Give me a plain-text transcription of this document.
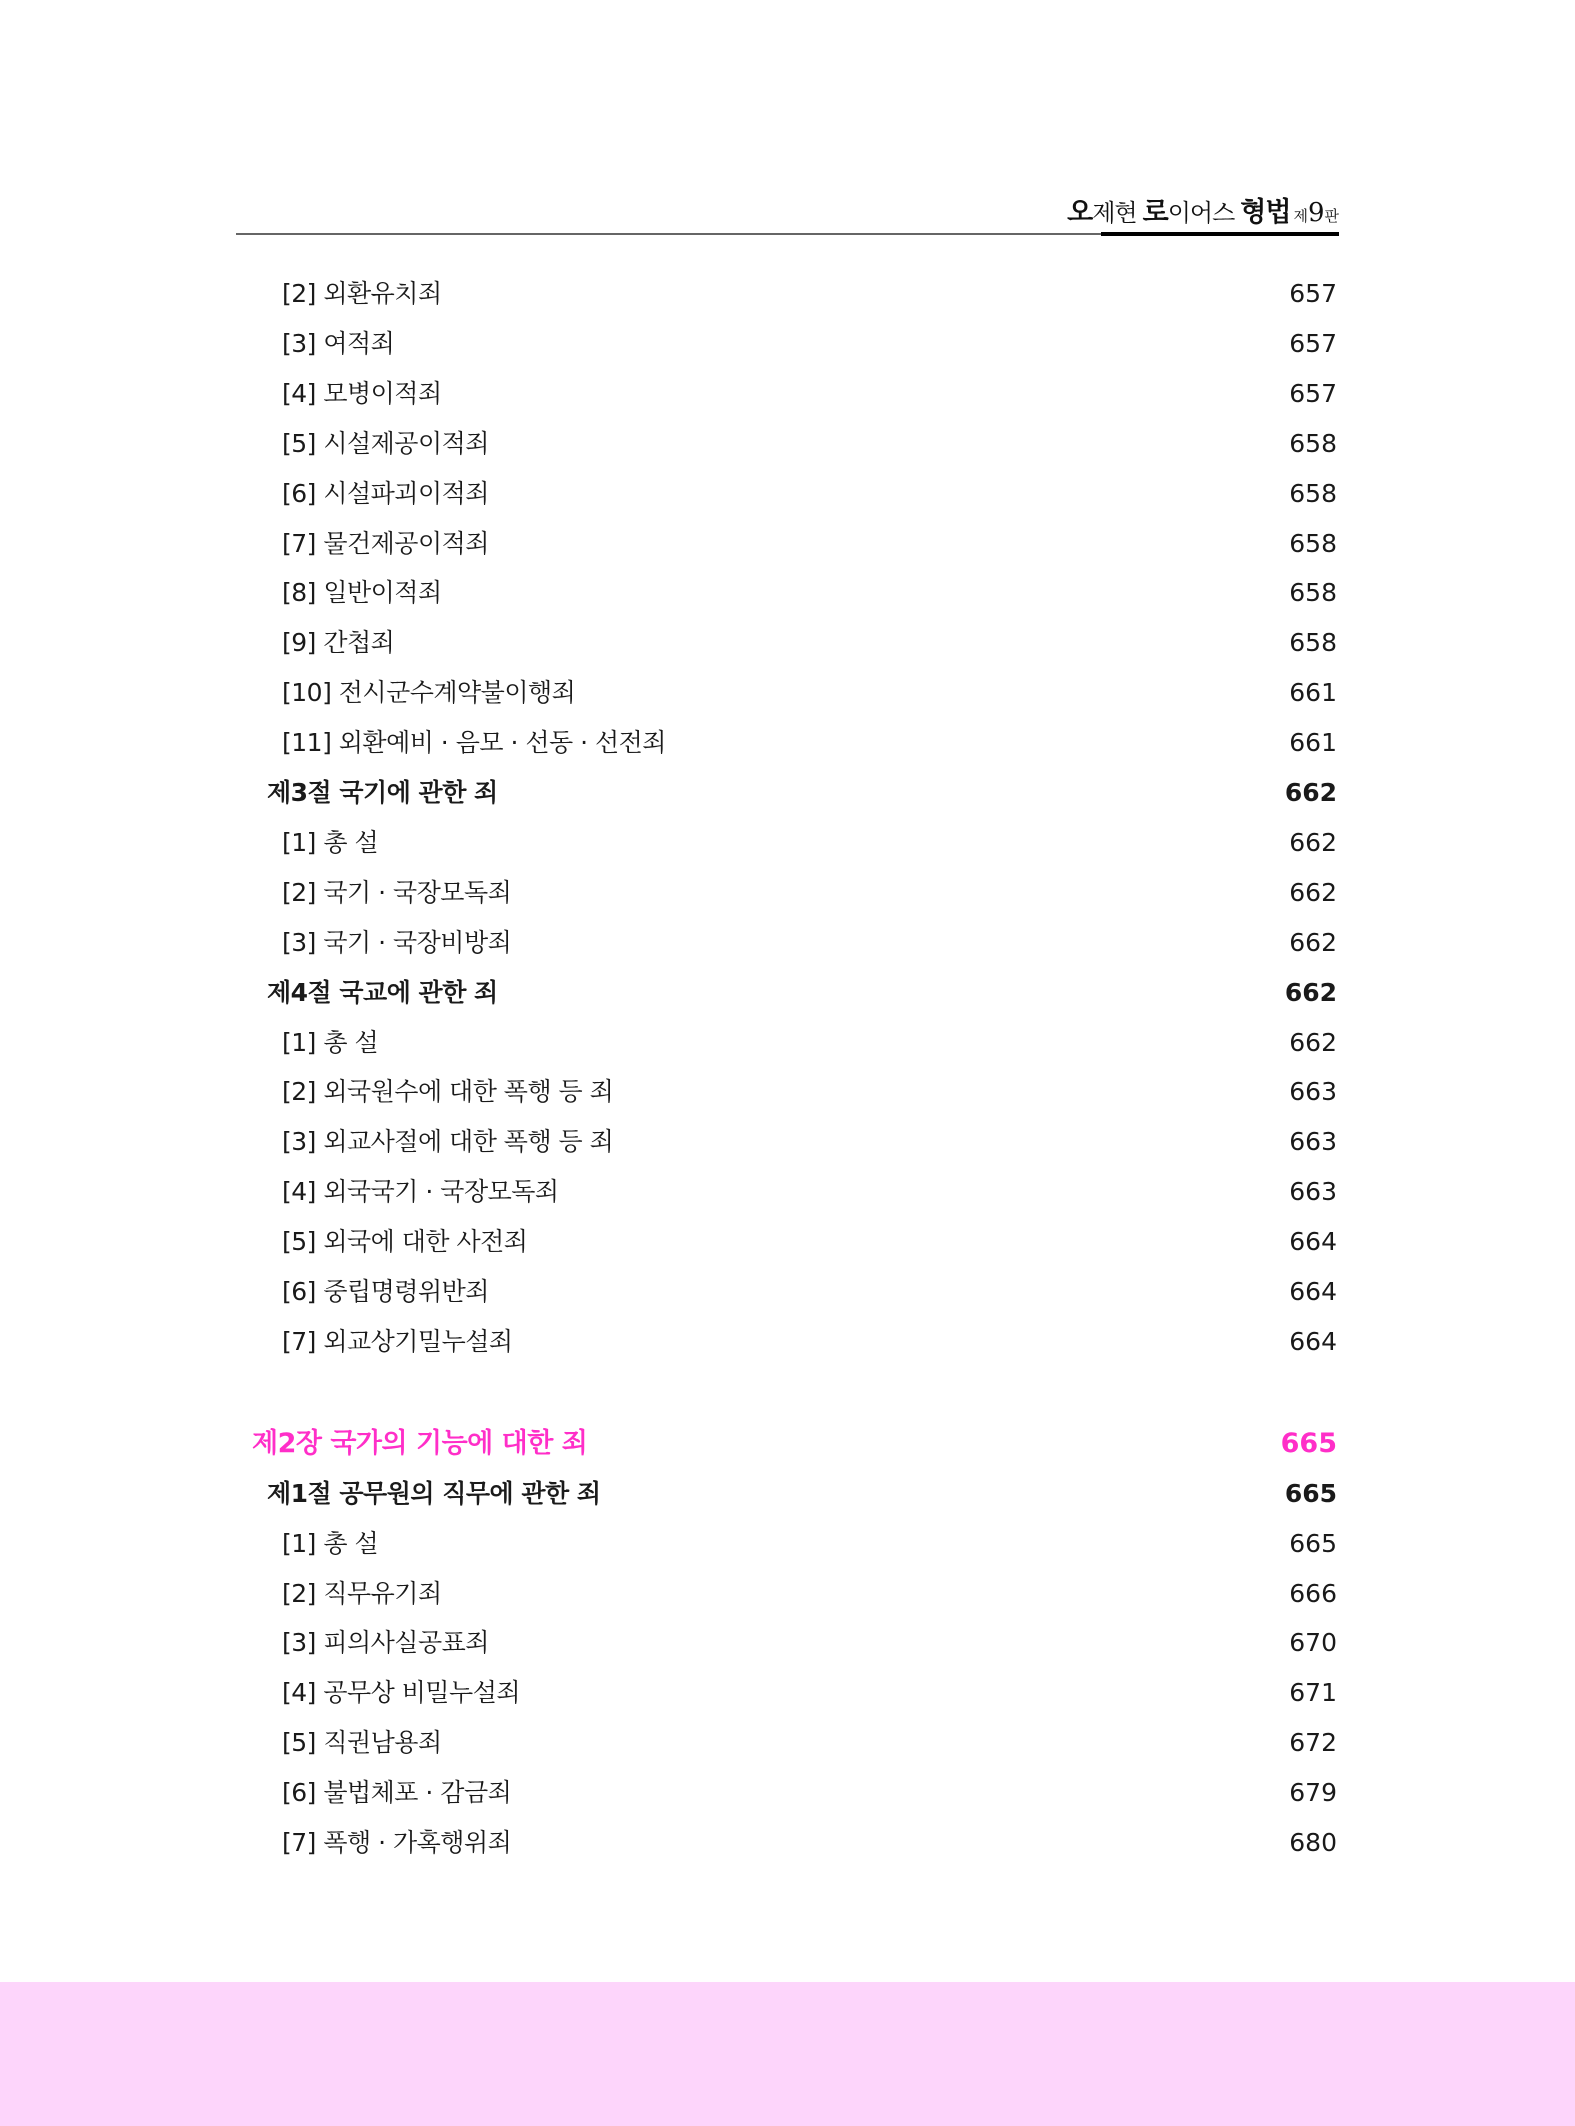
오 제현 로 이어스 형법 제 9 판
[2] 외환유치죄	657
[3] 여적죄	657
[4] 모병이적죄	657
[5] 시설제공이적죄	658
[6] 시설파괴이적죄	658
[7] 물건제공이적죄	658
[8] 일반이적죄	658
[9] 간첩죄	658
[10] 전시군수계약불이행죄	661
[11] 외환예비 · 음모 · 선동 · 선전죄	661
제3절 국기에 관한 죄	662
[1] 총 설	662
[2] 국기 · 국장모독죄	662
[3] 국기 · 국장비방죄	662
제4절 국교에 관한 죄	662
[1] 총 설	662
[2] 외국원수에 대한 폭행 등 죄	663
[3] 외교사절에 대한 폭행 등 죄	663
[4] 외국국기 · 국장모독죄	663
[5] 외국에 대한 사전죄	664
[6] 중립명령위반죄	664
[7] 외교상기밀누설죄	664
제2장 국가의 기능에 대한 죄	665
제1절 공무원의 직무에 관한 죄	665
[1] 총 설	665
[2] 직무유기죄	666
[3] 피의사실공표죄	670
[4] 공무상 비밀누설죄	671
[5] 직권남용죄	672
[6] 불법체포 · 감금죄	679
[7] 폭행 · 가혹행위죄	680
